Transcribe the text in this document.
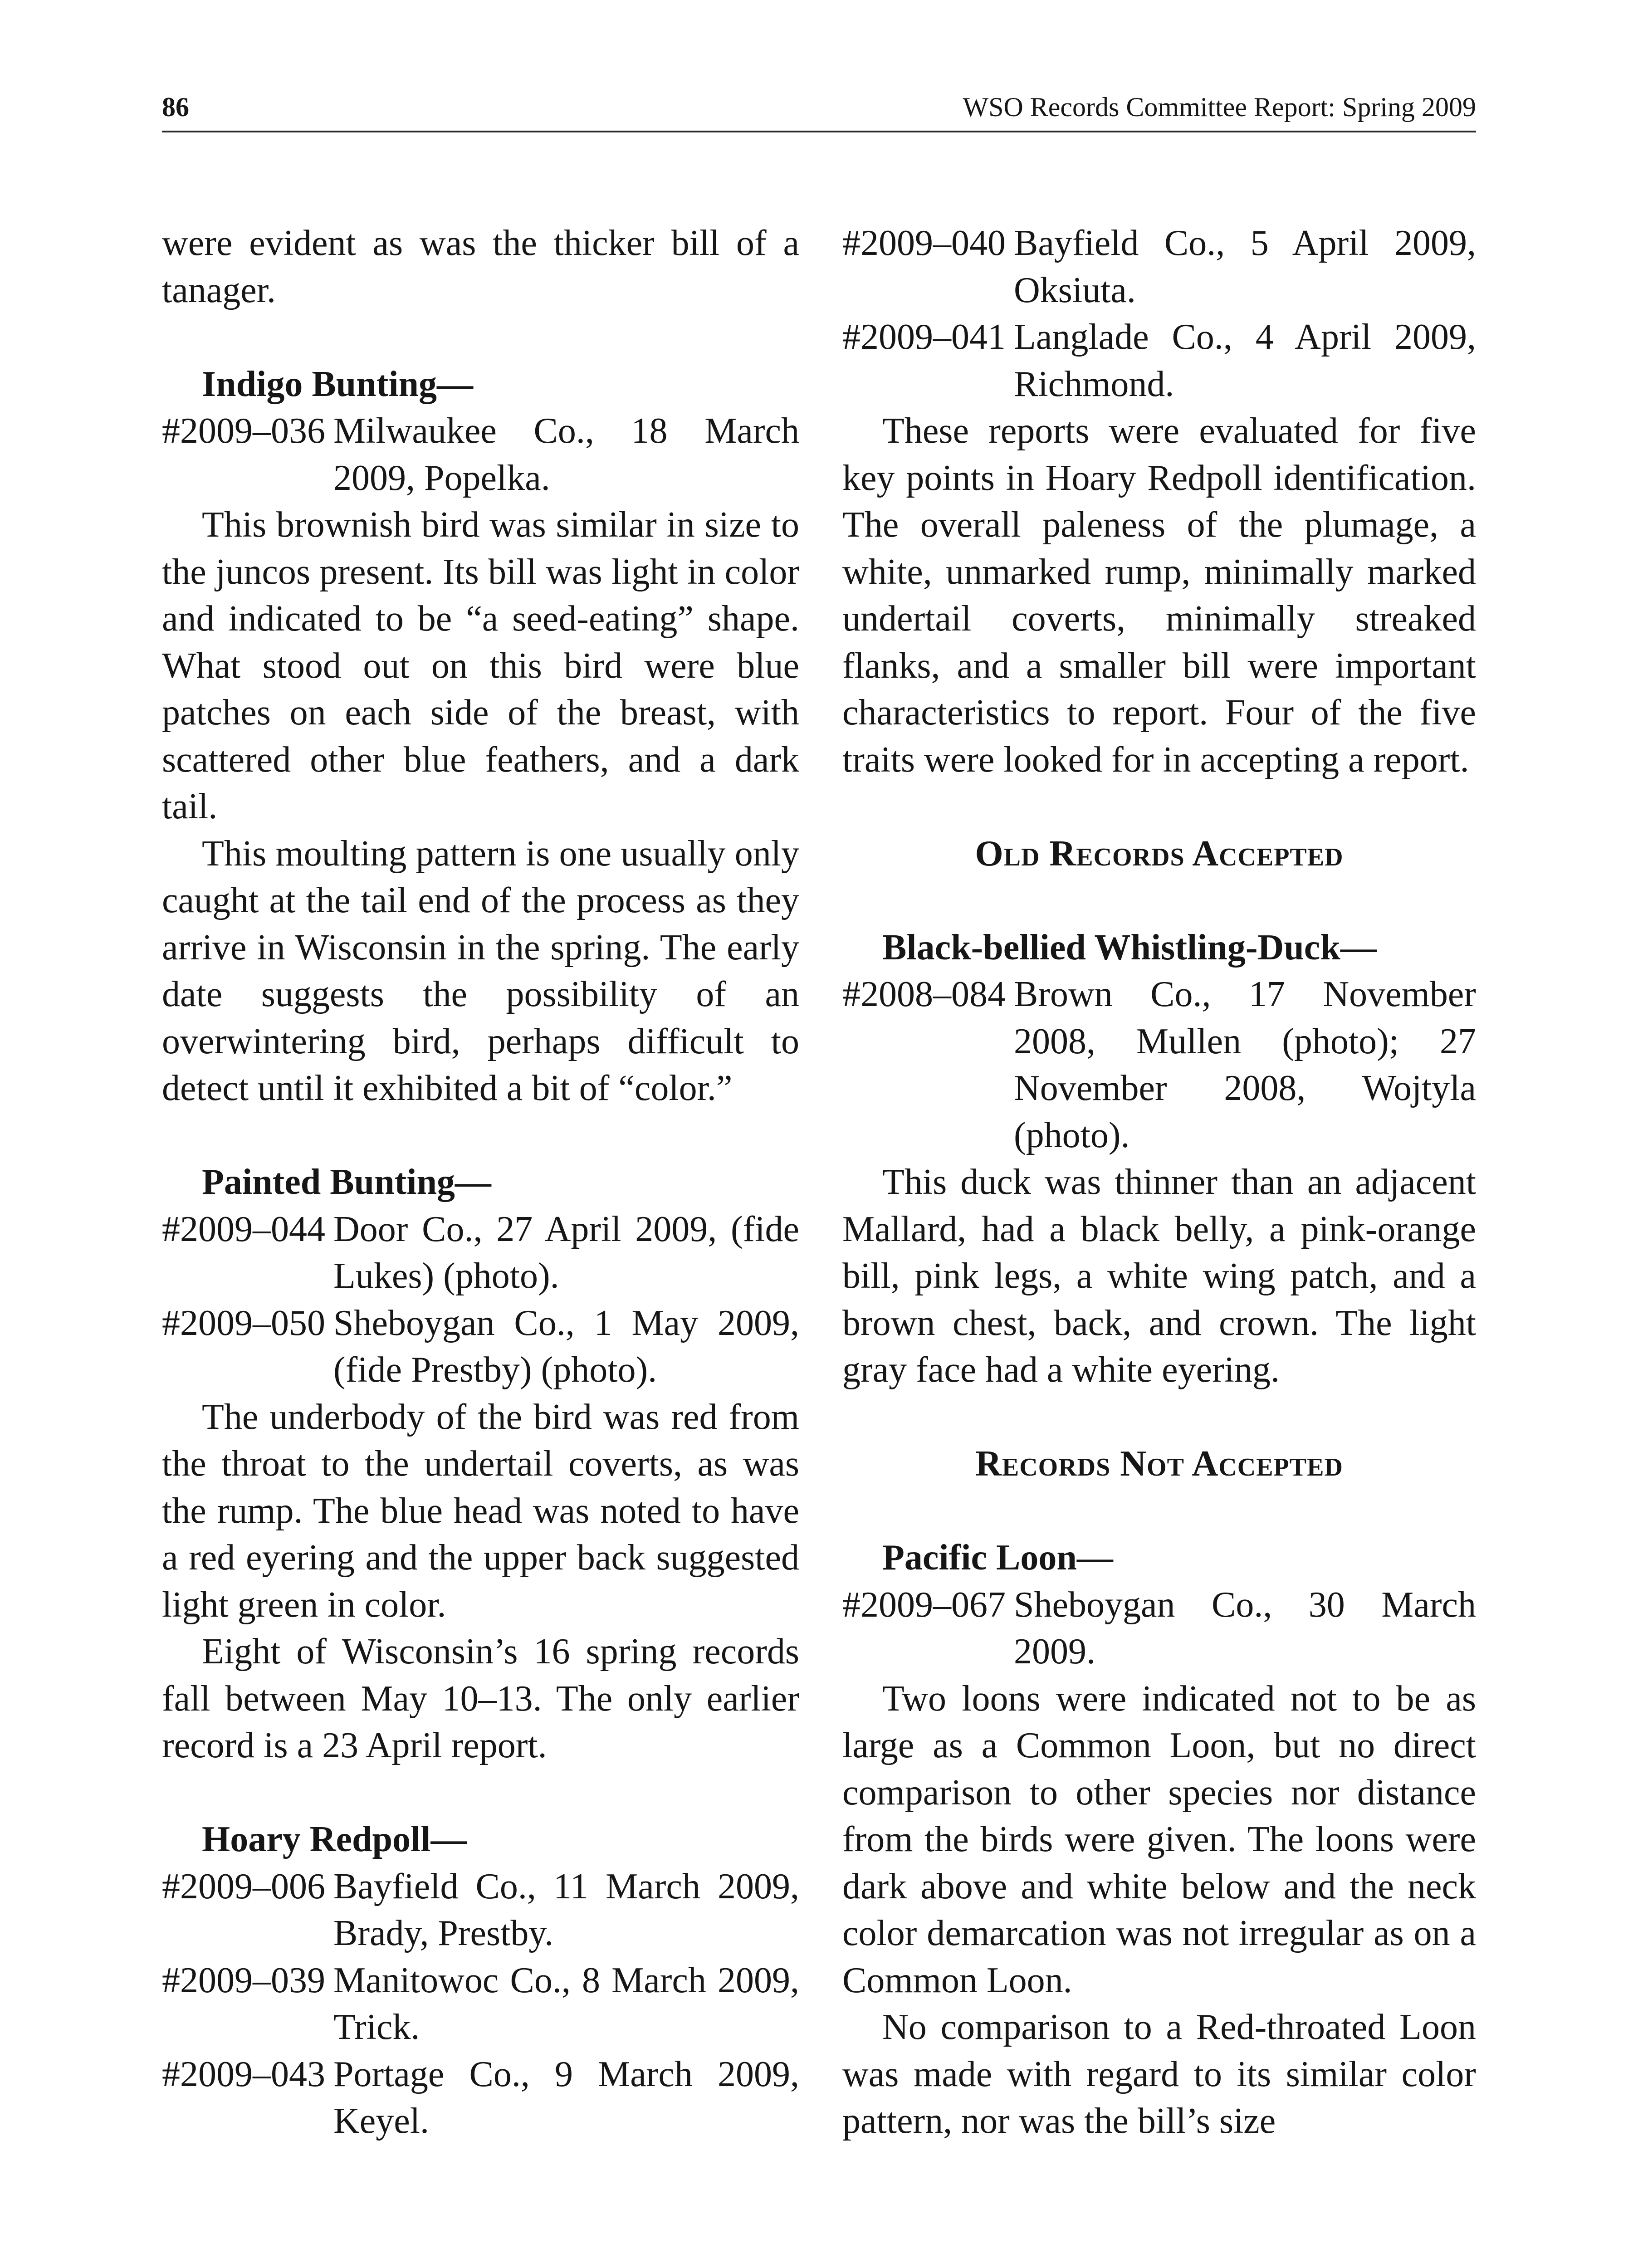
86	WSO Records Committee Report: Spring 2009

were evident as was the thicker bill of a tanager.

Indigo Bunting—
#2009–036 Milwaukee Co., 18 March 2009, Popelka.

This brownish bird was similar in size to the juncos present. Its bill was light in color and indicated to be “a seed-eating” shape. What stood out on this bird were blue patches on each side of the breast, with scattered other blue feathers, and a dark tail.

This moulting pattern is one usually only caught at the tail end of the process as they arrive in Wisconsin in the spring. The early date suggests the possibility of an overwintering bird, perhaps difficult to detect until it exhibited a bit of “color.”

Painted Bunting—
#2009–044 Door Co., 27 April 2009, (fide Lukes) (photo).
#2009–050 Sheboygan Co., 1 May 2009, (fide Prestby) (photo).

The underbody of the bird was red from the throat to the undertail coverts, as was the rump. The blue head was noted to have a red eyering and the upper back suggested light green in color.

Eight of Wisconsin’s 16 spring records fall between May 10–13. The only earlier record is a 23 April report.

Hoary Redpoll—
#2009–006 Bayfield Co., 11 March 2009, Brady, Prestby.
#2009–039 Manitowoc Co., 8 March 2009, Trick.
#2009–043 Portage Co., 9 March 2009, Keyel.
#2009–040 Bayfield Co., 5 April 2009, Oksiuta.
#2009–041 Langlade Co., 4 April 2009, Richmond.

These reports were evaluated for five key points in Hoary Redpoll identification. The overall paleness of the plumage, a white, unmarked rump, minimally marked undertail coverts, minimally streaked flanks, and a smaller bill were important characteristics to report. Four of the five traits were looked for in accepting a report.

Old Records Accepted
Black-bellied Whistling-Duck—
#2008–084 Brown Co., 17 November 2008, Mullen (photo); 27 November 2008, Wojtyla (photo).

This duck was thinner than an adjacent Mallard, had a black belly, a pink-orange bill, pink legs, a white wing patch, and a brown chest, back, and crown. The light gray face had a white eyering.

Records Not Accepted
Pacific Loon—
#2009–067 Sheboygan Co., 30 March 2009.

Two loons were indicated not to be as large as a Common Loon, but no direct comparison to other species nor distance from the birds were given. The loons were dark above and white below and the neck color demarcation was not irregular as on a Common Loon.

No comparison to a Red-throated Loon was made with regard to its similar color pattern, nor was the bill’s size
